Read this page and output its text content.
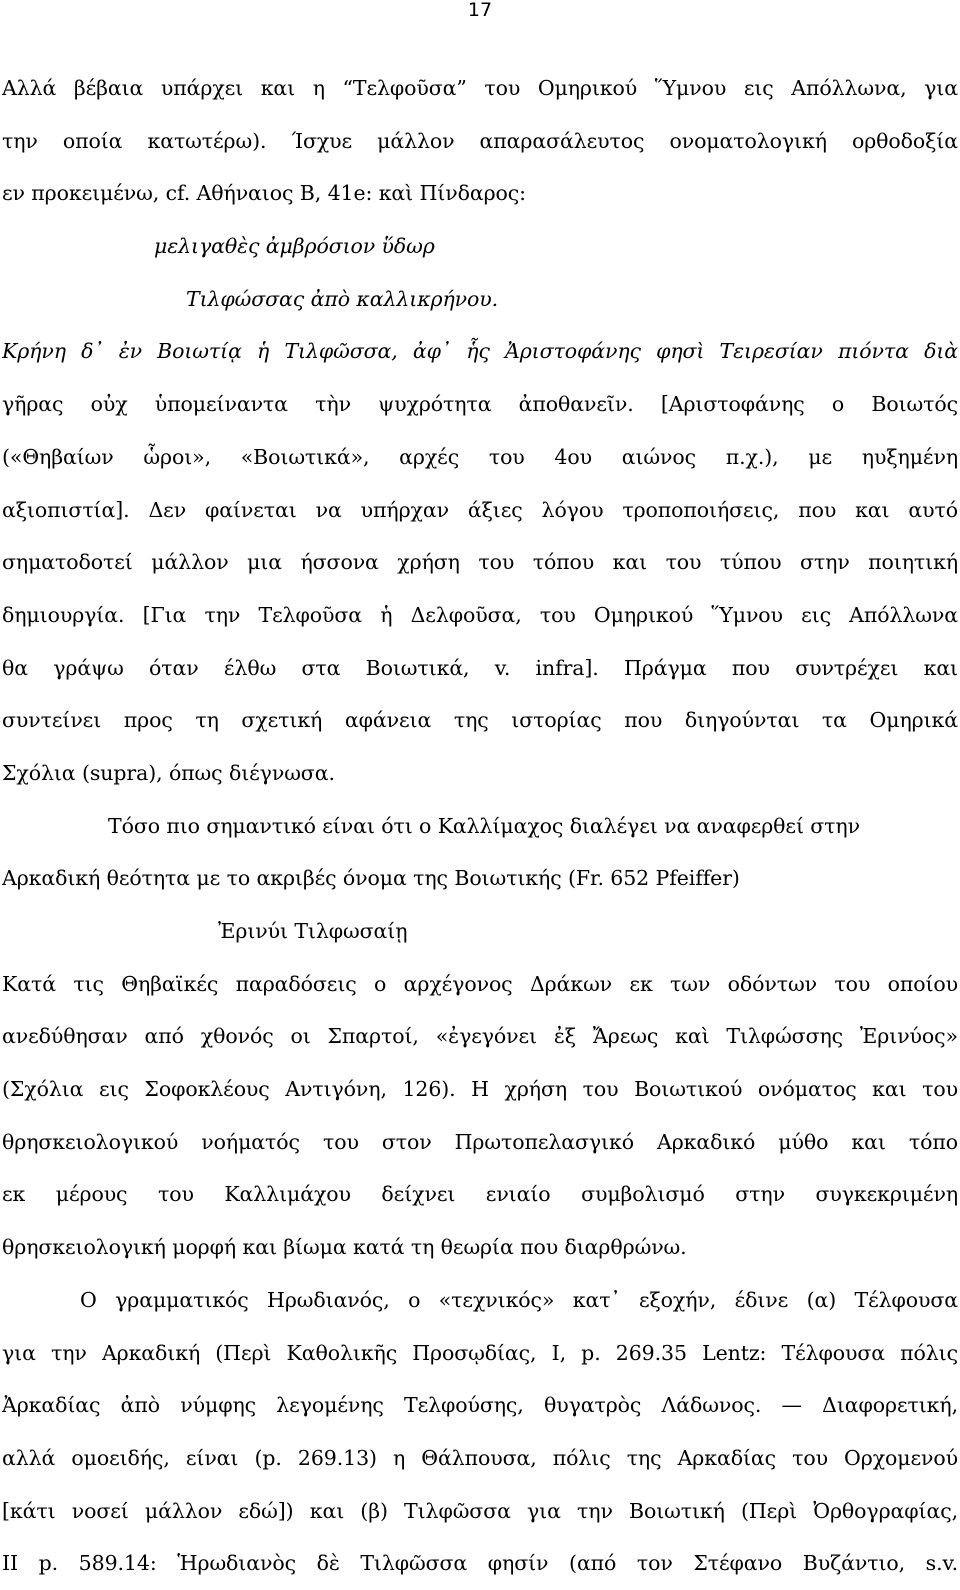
17
Αλλά βέβαια υπάρχει και η “Τελφοῦσα” του Ομηρικού Ὕμνου εις Απόλλωνα, για
την οποία κατωτέρω). Ίσχυε μάλλον απαρασάλευτος ονοματολογική ορθοδοξία
εν προκειμένω, cf. Αθήναιος Β, 41e: καὶ Πίνδαρος:
μελιγαθὲς ἀμβρόσιον ὕδωρ
Τιλφώσσας ἀπὸ καλλικρήνου.
Κρήνη δ᾽ ἐν Βοιωτίᾳ ἡ Τιλφῶσσα, ἀφ᾽ ἧς Ἀριστοφάνης φησὶ Τειρεσίαν πιόντα διὰ
γῆρας οὐχ ὑπομείναντα τὴν ψυχρότητα ἀποθανεῖν. [Αριστοφάνης ο Βοιωτός
(«Θηβαίων ὧροι», «Βοιωτικά», αρχές του 4ου αιώνος π.χ.), με ηυξημένη
αξιοπιστία]. Δεν φαίνεται να υπήρχαν άξιες λόγου τροποποιήσεις, που και αυτό
σηματοδοτεί μάλλον μια ήσσονα χρήση του τόπου και του τύπου στην ποιητική
δημιουργία. [Για την Τελφοῦσα ἡ Δελφοῦσα, του Ομηρικού Ὕμνου εις Απόλλωνα
θα γράψω όταν έλθω στα Βοιωτικά, v. infra]. Πράγμα που συντρέχει και
συντείνει προς τη σχετική αφάνεια της ιστορίας που διηγούνται τα Ομηρικά
Σχόλια (supra), όπως διέγνωσα.
Τόσο πιο σημαντικό είναι ότι ο Καλλίμαχος διαλέγει να αναφερθεί στην
Αρκαδική θεότητα με το ακριβές όνομα της Βοιωτικής (Fr. 652 Pfeiffer)
Ἐρινύι Τιλφωσαίῃ
Κατά τις Θηβαϊκές παραδόσεις ο αρχέγονος Δράκων εκ των οδόντων του οποίου
ανεδύθησαν από χθονός οι Σπαρτοί, «ἐγεγόνει ἐξ Ἄρεως καὶ Τιλφώσσης Ἐρινύος»
(Σχόλια εις Σοφοκλέους Αντιγόνη, 126). Η χρήση του Βοιωτικού ονόματος και του
θρησκειολογικού νοήματός του στον Πρωτοπελασγικό Αρκαδικό μύθο και τόπο
εκ μέρους του Καλλιμάχου δείχνει ενιαίο συμβολισμό στην συγκεκριμένη
θρησκειολογική μορφή και βίωμα κατά τη θεωρία που διαρθρώνω.
Ο γραμματικός Ηρωδιανός, ο «τεχνικός» κατ᾽ εξοχήν, έδινε (α) Τέλφουσα
για την Αρκαδική (Περὶ Καθολικῆς Προσῳδίας, Ι, p. 269.35 Lentz: Τέλφουσα πόλις
Ἀρκαδίας ἀπὸ νύμφης λεγομένης Τελφούσης, θυγατρὸς Λάδωνος. — Διαφορετική,
αλλά ομοειδής, είναι (p. 269.13) η Θάλπουσα, πόλις της Αρκαδίας του Ορχομενού
[κάτι νοσεί μάλλον εδώ]) και (β) Τιλφῶσσα για την Βοιωτική (Περὶ Ὀρθογραφίας,
ΙΙ p. 589.14: Ἡρωδιανὸς δὲ Τιλφῶσσα φησίν (από τον Στέφανο Βυζάντιο, s.v.
